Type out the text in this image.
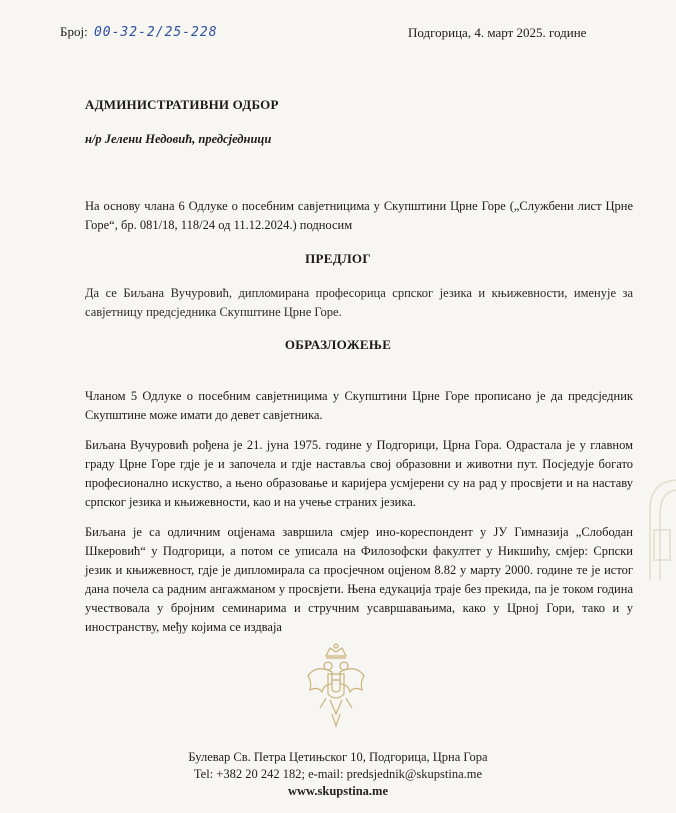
Број: 00-32-2/25-228	Подгорица, 4. март 2025. године
АДМИНИСТРАТИВНИ ОДБОР
н/р Јелени Недовић, предсједници
На основу члана 6 Одлуке о посебним савјетницима у Скупштини Црне Горе („Службени лист Црне Горе“, бр. 081/18, 118/24 од 11.12.2024.) подносим
ПРЕДЛОГ
Да се Биљана Вучуровић, дипломирана професорица српског језика и књижевности, именује за савјетницу предсједника Скупштине Црне Горе.
ОБРАЗЛОЖЕЊЕ
Чланом 5 Одлуке о посебним савјетницима у Скупштини Црне Горе прописано је да предсједник Скупштине може имати до девет савјетника.
Биљана Вучуровић рођена је 21. јуна 1975. године у Подгорици, Црна Гора. Одрастала је у главном граду Црне Горе гдје је и започела и гдје наставља свој образовни и животни пут. Посједује богато професионално искуство, а њено образовање и каријера усмјерени су на рад у просвјети и на наставу српског језика и књижевности, као и на учење страних језика.
Биљана је са одличним оцјенама завршила смјер ино-кореспондент у ЈУ Гимназија „Слободан Шкеровић“ у Подгорици, а потом се уписала на Филозофски факултет у Никшићу, смјер: Српски језик и књижевност, гдје је дипломирала са просјечном оцјеном 8.82 у марту 2000. године те је истог дана почела са радним ангажманом у просвјети. Њена едукација траје без прекида, па је током година учествовала у бројним семинарима и стручним усавршавањима, како у Црној Гори, тако и у иностранству, међу којима се издваја
Булевар Св. Петра Цетињског 10, Подгорица, Црна Гора
Tel: +382 20 242 182; e-mail: predsjednik@skupstina.me
www.skupstina.me
